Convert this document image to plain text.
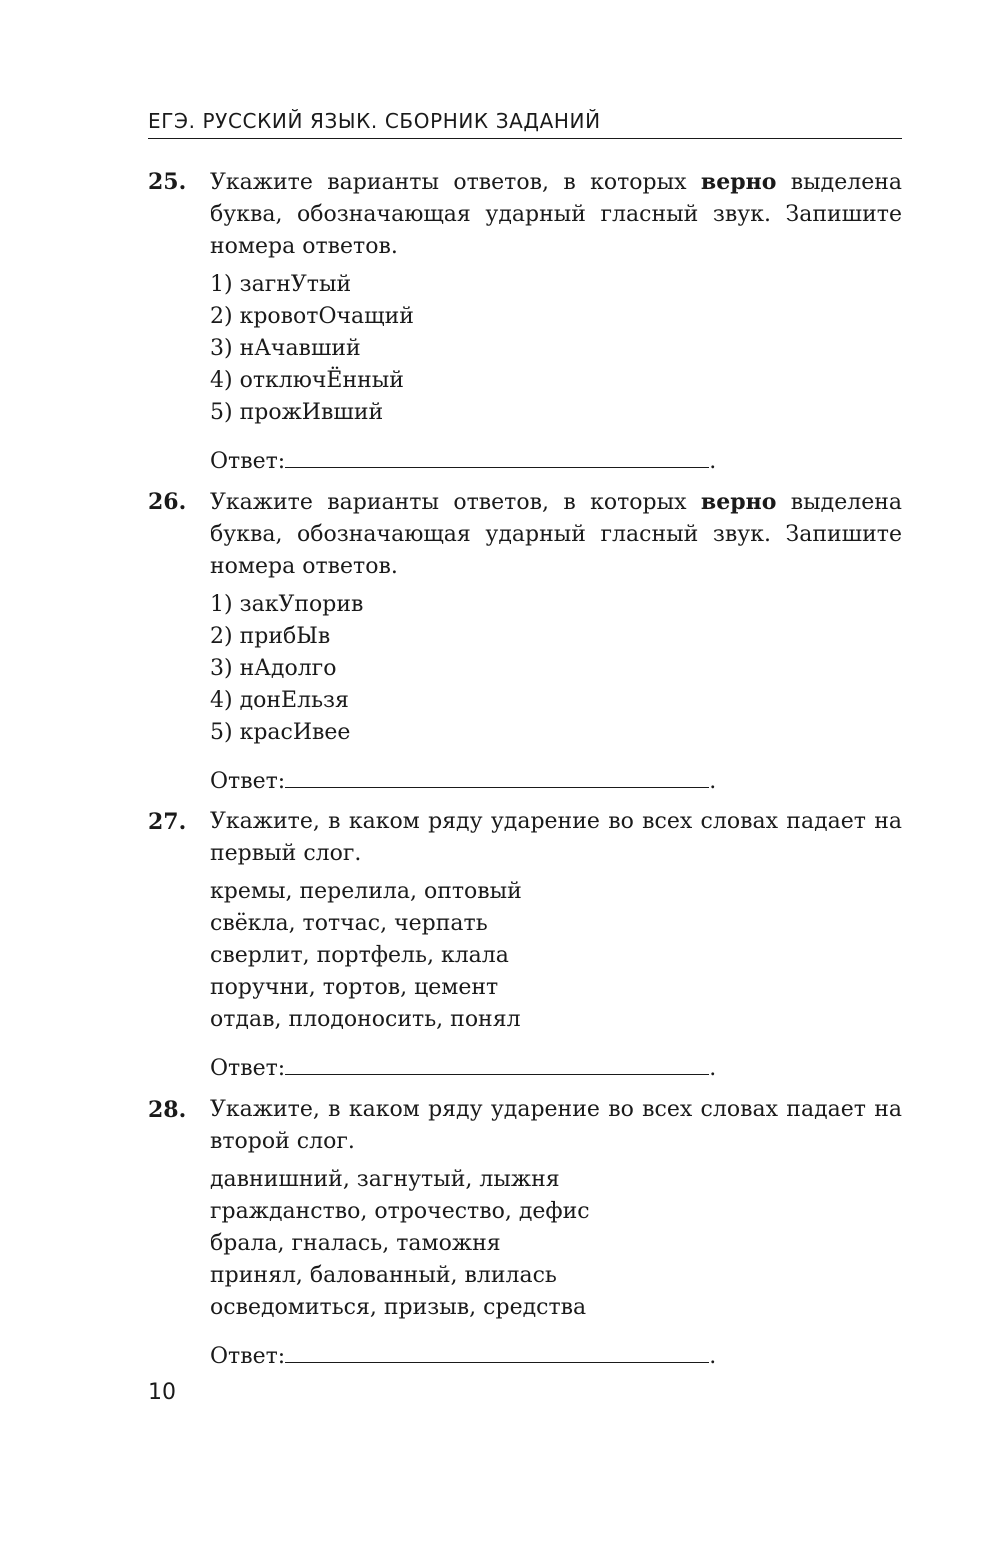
ЕГЭ. РУССКИЙ ЯЗЫК. СБОРНИК ЗАДАНИЙ
25. Укажите варианты ответов, в которых верно выделена буква, обозначающая ударный гласный звук. Запишите номера ответов.
1) загнУтый
2) кровотОчащий
3) нАчавший
4) отключЁнный
5) прожИвший
Ответ:	.
26. Укажите варианты ответов, в которых верно выделена буква, обозначающая ударный гласный звук. Запишите номера ответов.
1) закУпорив
2) прибЫв
3) нАдолго
4) донЕльзя
5) красИвее
Ответ:	.
27. Укажите, в каком ряду ударение во всех словах падает на первый слог.
кремы, перелила, оптовый
свёкла, тотчас, черпать
сверлит, портфель, клала
поручни, тортов, цемент
отдав, плодоносить, понял
Ответ:	.
28. Укажите, в каком ряду ударение во всех словах падает на второй слог.
давнишний, загнутый, лыжня
гражданство, отрочество, дефис
брала, гналась, таможня
принял, балованный, влилась
осведомиться, призыв, средства
Ответ:	.
10
